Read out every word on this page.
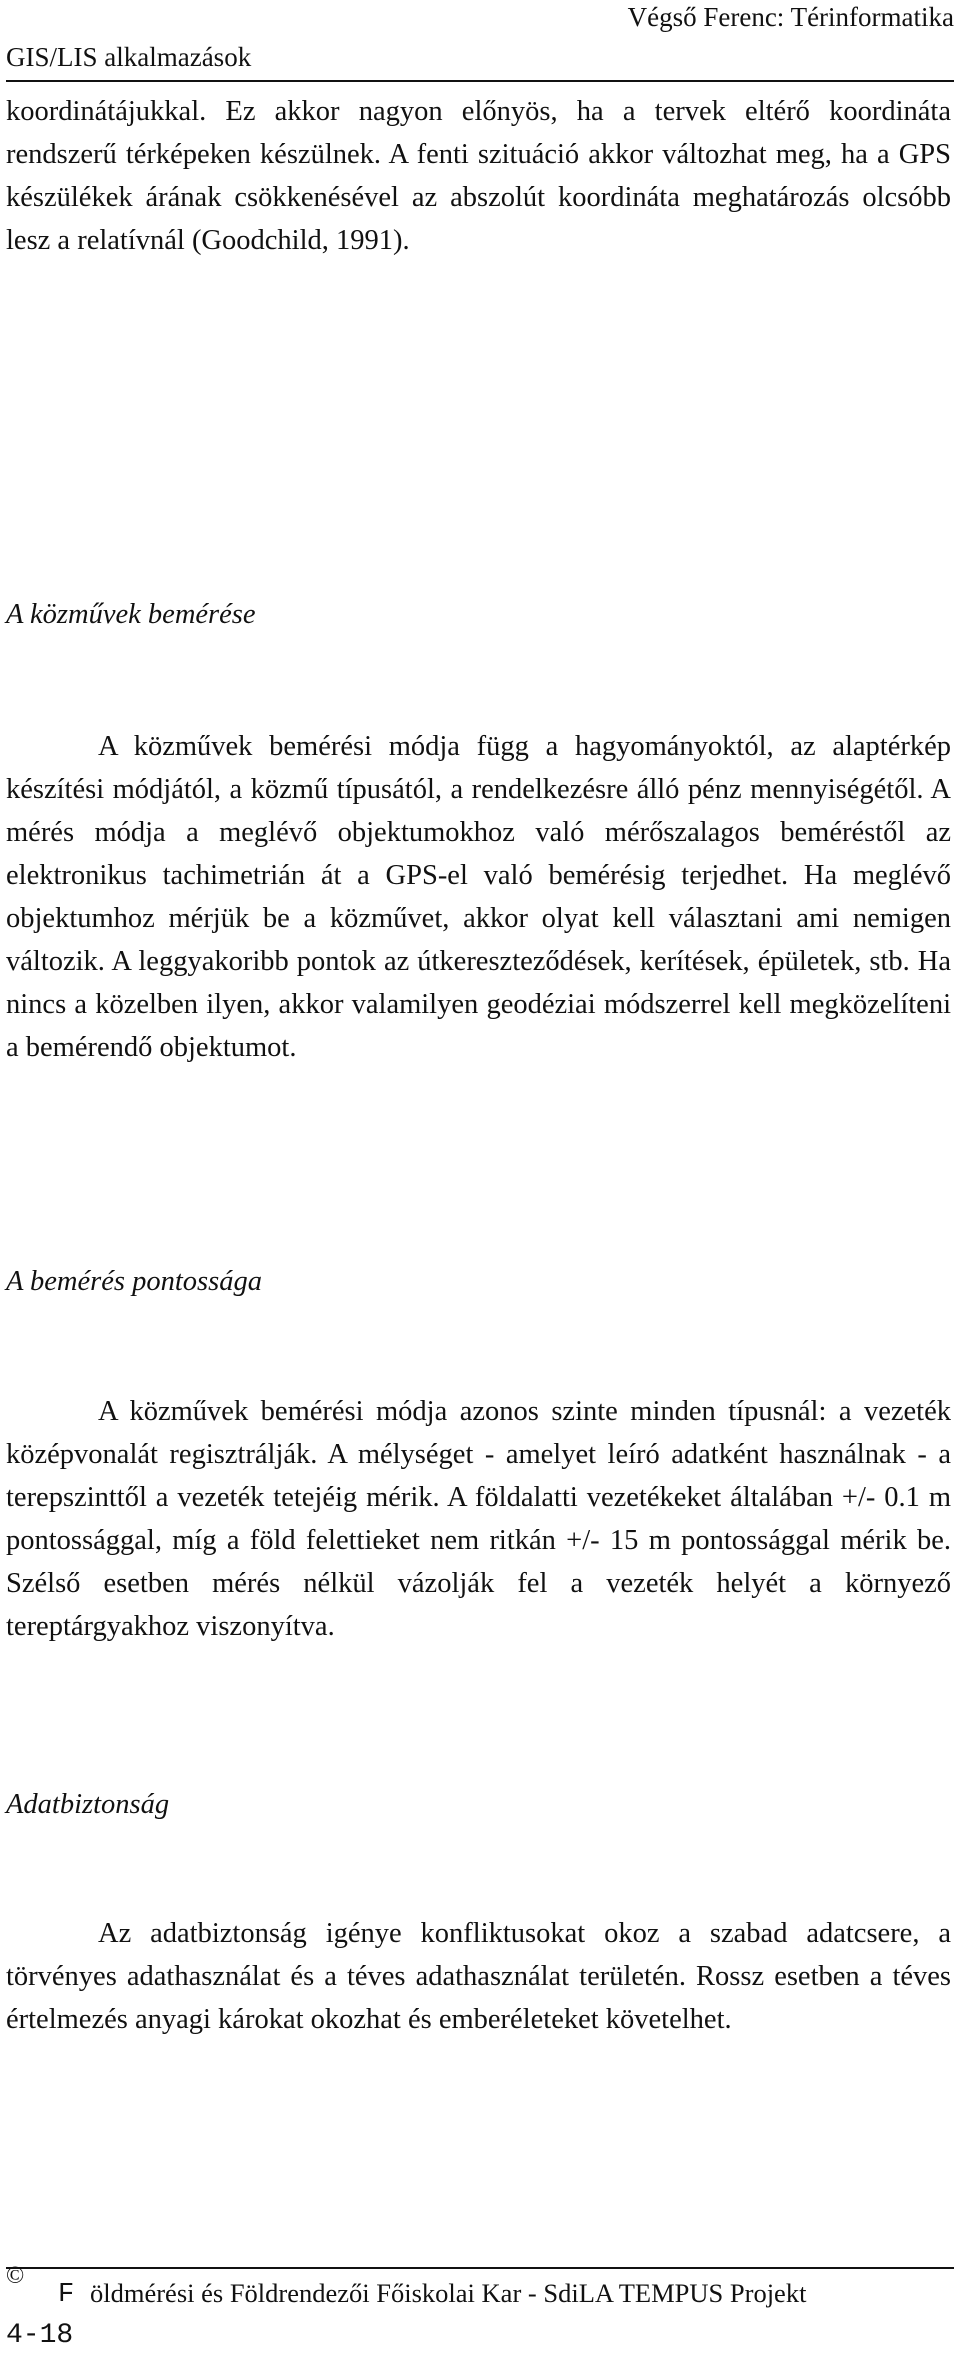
Végső Ferenc: Térinformatika
GIS/LIS alkalmazások

koordinátájukkal. Ez akkor nagyon előnyös, ha a tervek eltérő koordináta rendszerű térképeken készülnek. A fenti szituáció akkor változhat meg, ha a GPS készülékek árának csökkenésével az abszolút koordináta meghatározás olcsóbb lesz a relatívnál (Goodchild, 1991).

A közművek bemérése

A közművek bemérési módja függ a hagyományoktól, az alaptérkép készítési módjától, a közmű típusától, a rendelkezésre álló pénz mennyiségétől. A mérés módja a meglévő objektumokhoz való mérőszalagos beméréstől az elektronikus tachimetrián át a GPS-el való bemérésig terjedhet. Ha meglévő objektumhoz mérjük be a közművet, akkor olyat kell választani ami nemigen változik. A leggyakoribb pontok az útkereszteződések, kerítések, épületek, stb. Ha nincs a közelben ilyen, akkor valamilyen geodéziai módszerrel kell megközelíteni a bemérendő objektumot.

A bemérés pontossága

A közművek bemérési módja azonos szinte minden típusnál: a vezeték középvonalát regisztrálják. A mélységet - amelyet leíró adatként használnak - a terepszinttől a vezeték tetejéig mérik. A földalatti vezetékeket általában +/- 0.1 m pontossággal, míg a föld felettieket nem ritkán +/- 15 m pontossággal mérik be. Szélső esetben mérés nélkül vázolják fel a vezeték helyét a környező tereptárgyakhoz viszonyítva.

Adatbiztonság

Az adatbiztonság igénye konfliktusokat okoz a szabad adatcsere, a törvényes adathasználat és a téves adathasználat területén. Rossz esetben a téves értelmezés anyagi károkat okozhat és emberéleteket követelhet.

©
F öldmérési és Földrendezői Főiskolai Kar - SdiLA TEMPUS Projekt
4-18
